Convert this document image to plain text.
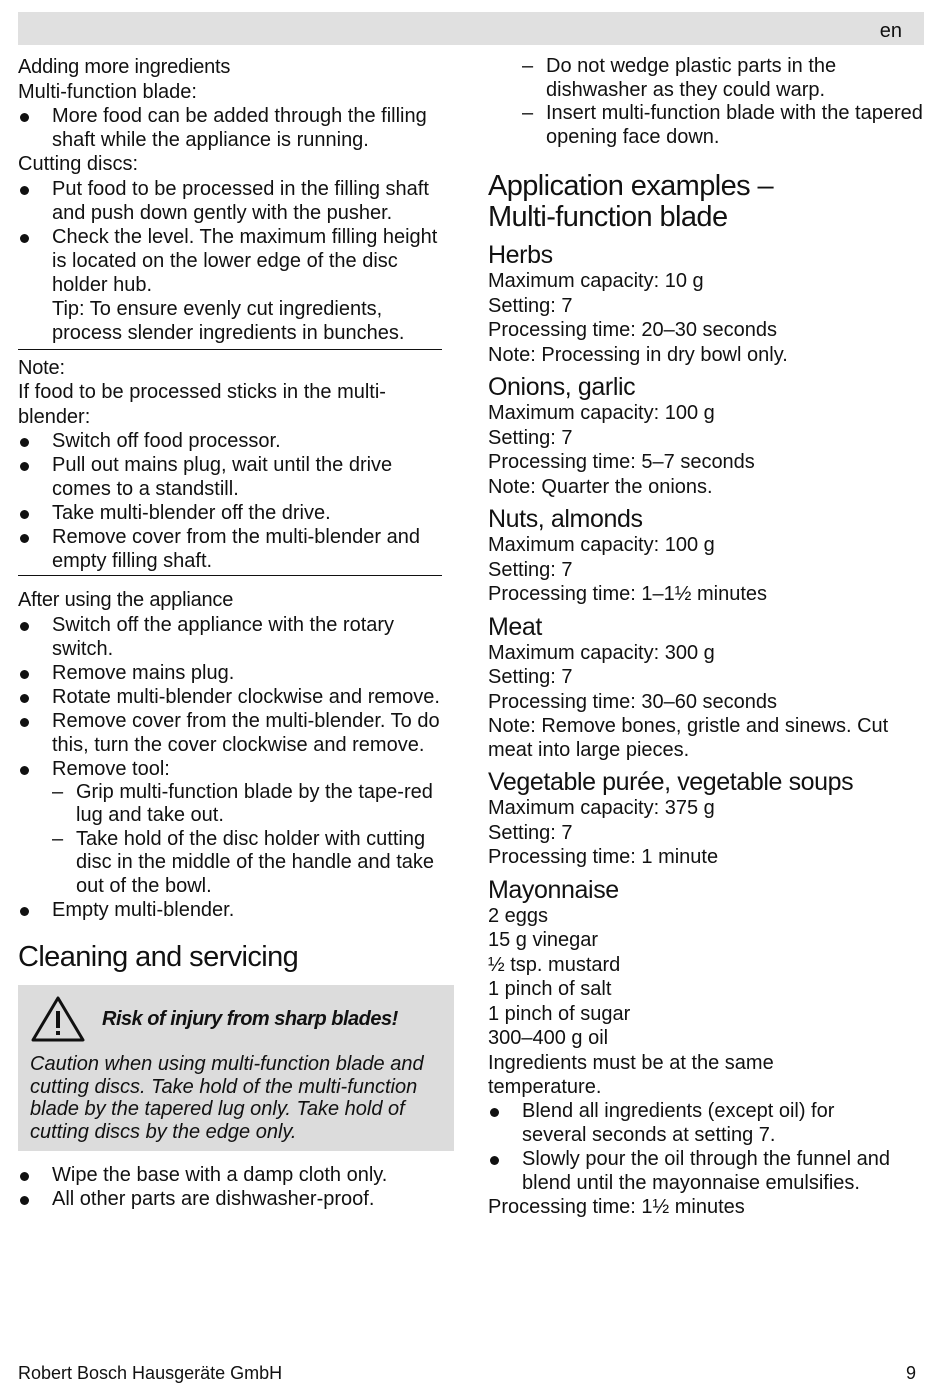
en

Adding more ingredients

Multi-function blade:

More food can be added through the filling shaft while the appliance is running.

Cutting discs:

Put food to be processed in the filling shaft and push down gently with the pusher.

Check the level. The maximum filling height is located on the lower edge of the disc holder hub.

Tip: To ensure evenly cut ingredients, process slender ingredients in bunches.

Note:

If food to be processed sticks in the multi-blender:

Switch off food processor.

Pull out mains plug, wait until the drive comes to a standstill.

Take multi-blender off the drive.

Remove cover from the multi-blender and empty filling shaft.

After using the appliance

Switch off the appliance with the rotary switch.

Remove mains plug.

Rotate multi-blender clockwise and remove.

Remove cover from the multi-blender. To do this, turn the cover clockwise and remove.

Remove tool:

– Grip multi-function blade by the tape-red lug and take out.

– Take hold of the disc holder with cutting disc in the middle of the handle and take out of the bowl.

Empty multi-blender.

Cleaning and servicing
Risk of injury from sharp blades!

Caution when using multi-function blade and cutting discs. Take hold of the multi-function blade by the tapered lug only. Take hold of cutting discs by the edge only.

Wipe the base with a damp cloth only.

All other parts are dishwasher-proof.

– Do not wedge plastic parts in the dishwasher as they could warp.

– Insert multi-function blade with the tapered opening face down.

Application examples – Multi-function blade
Herbs

Maximum capacity: 10 g

Setting: 7

Processing time: 20–30 seconds

Note: Processing in dry bowl only.

Onions, garlic

Maximum capacity: 100 g

Setting: 7

Processing time: 5–7 seconds

Note: Quarter the onions.

Nuts, almonds

Maximum capacity: 100 g

Setting: 7

Processing time: 1–1½ minutes

Meat

Maximum capacity: 300 g

Setting: 7

Processing time: 30–60 seconds

Note: Remove bones, gristle and sinews. Cut meat into large pieces.

Vegetable purée, vegetable soups

Maximum capacity: 375 g

Setting: 7

Processing time: 1 minute

Mayonnaise

2 eggs

15 g vinegar

½ tsp. mustard

1 pinch of salt

1 pinch of sugar

300–400 g oil

Ingredients must be at the same temperature.

Blend all ingredients (except oil) for several seconds at setting 7.

Slowly pour the oil through the funnel and blend until the mayonnaise emulsifies.

Processing time: 1½ minutes

Robert Bosch Hausgeräte GmbH	9
